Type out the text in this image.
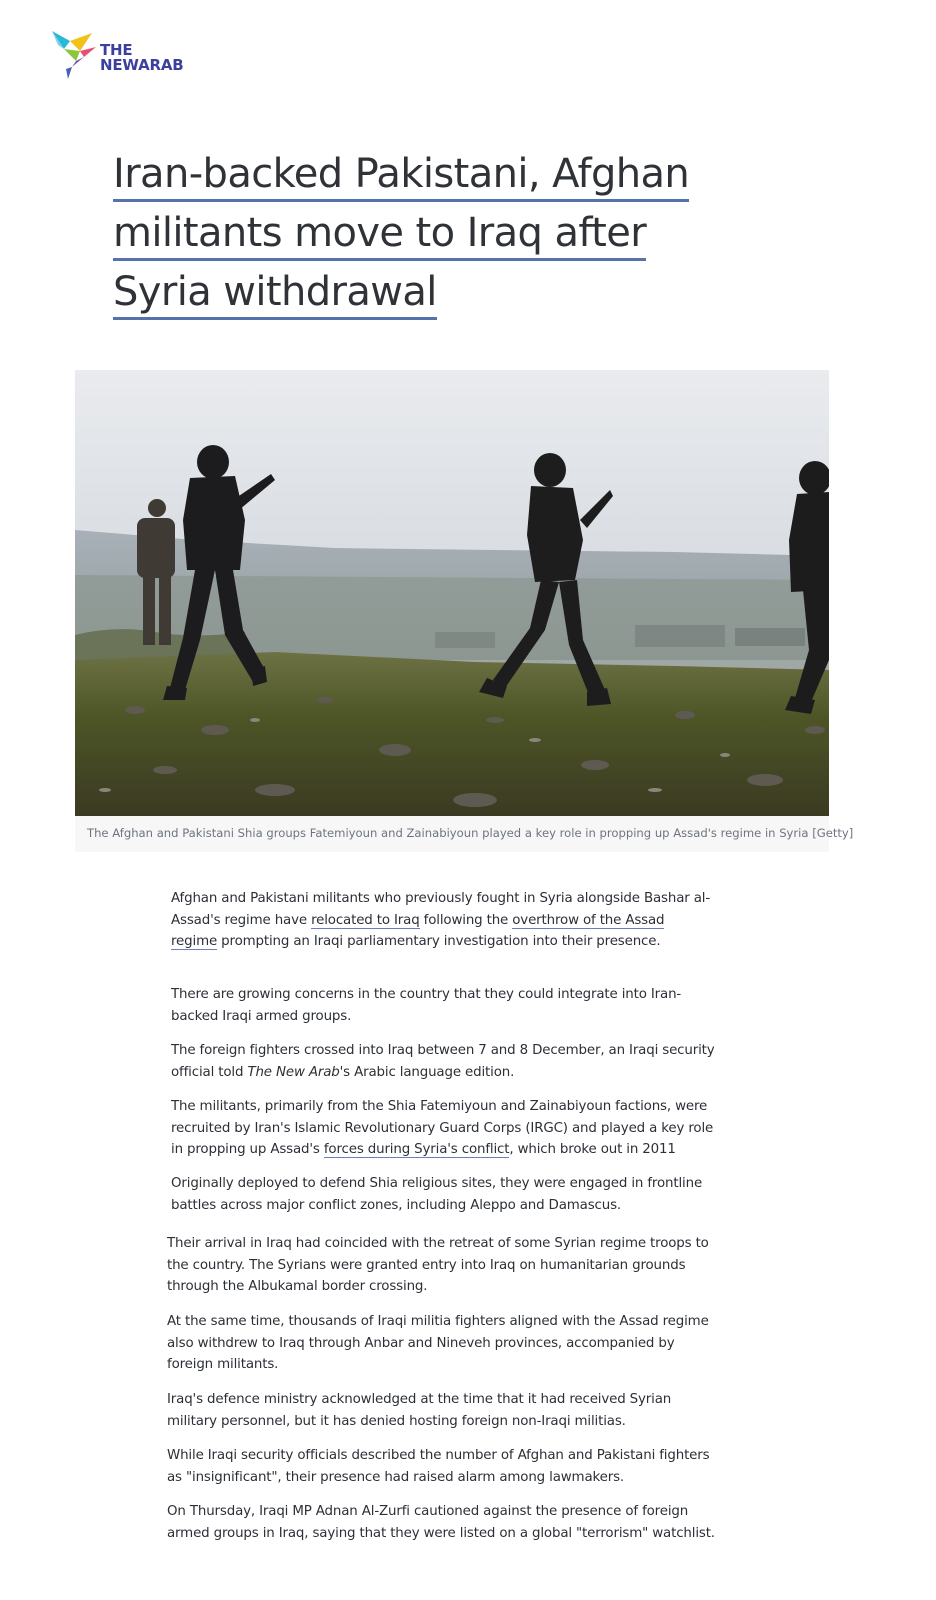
THE
NEWARAB
Iran-backed Pakistani, Afghan
militants move to Iraq after
Syria withdrawal
The Afghan and Pakistani Shia groups Fatemiyoun and Zainabiyoun played a key role in propping up Assad's regime in Syria [Getty]

Afghan and Pakistani militants who previously fought in Syria alongside Bashar al-
Assad's regime have relocated to Iraq following the overthrow of the Assad
regime prompting an Iraqi parliamentary investigation into their presence.

There are growing concerns in the country that they could integrate into Iran-
backed Iraqi armed groups.

The foreign fighters crossed into Iraq between 7 and 8 December, an Iraqi security
official told The New Arab's Arabic language edition.

The militants, primarily from the Shia Fatemiyoun and Zainabiyoun factions, were
recruited by Iran's Islamic Revolutionary Guard Corps (IRGC) and played a key role
in propping up Assad's forces during Syria's conflict, which broke out in 2011

Originally deployed to defend Shia religious sites, they were engaged in frontline
battles across major conflict zones, including Aleppo and Damascus.

Their arrival in Iraq had coincided with the retreat of some Syrian regime troops to
the country. The Syrians were granted entry into Iraq on humanitarian grounds
through the Albukamal border crossing.

At the same time, thousands of Iraqi militia fighters aligned with the Assad regime
also withdrew to Iraq through Anbar and Nineveh provinces, accompanied by
foreign militants.

Iraq's defence ministry acknowledged at the time that it had received Syrian
military personnel, but it has denied hosting foreign non-Iraqi militias.

While Iraqi security officials described the number of Afghan and Pakistani fighters
as "insignificant", their presence had raised alarm among lawmakers.

On Thursday, Iraqi MP Adnan Al-Zurfi cautioned against the presence of foreign
armed groups in Iraq, saying that they were listed on a global "terrorism" watchlist.
